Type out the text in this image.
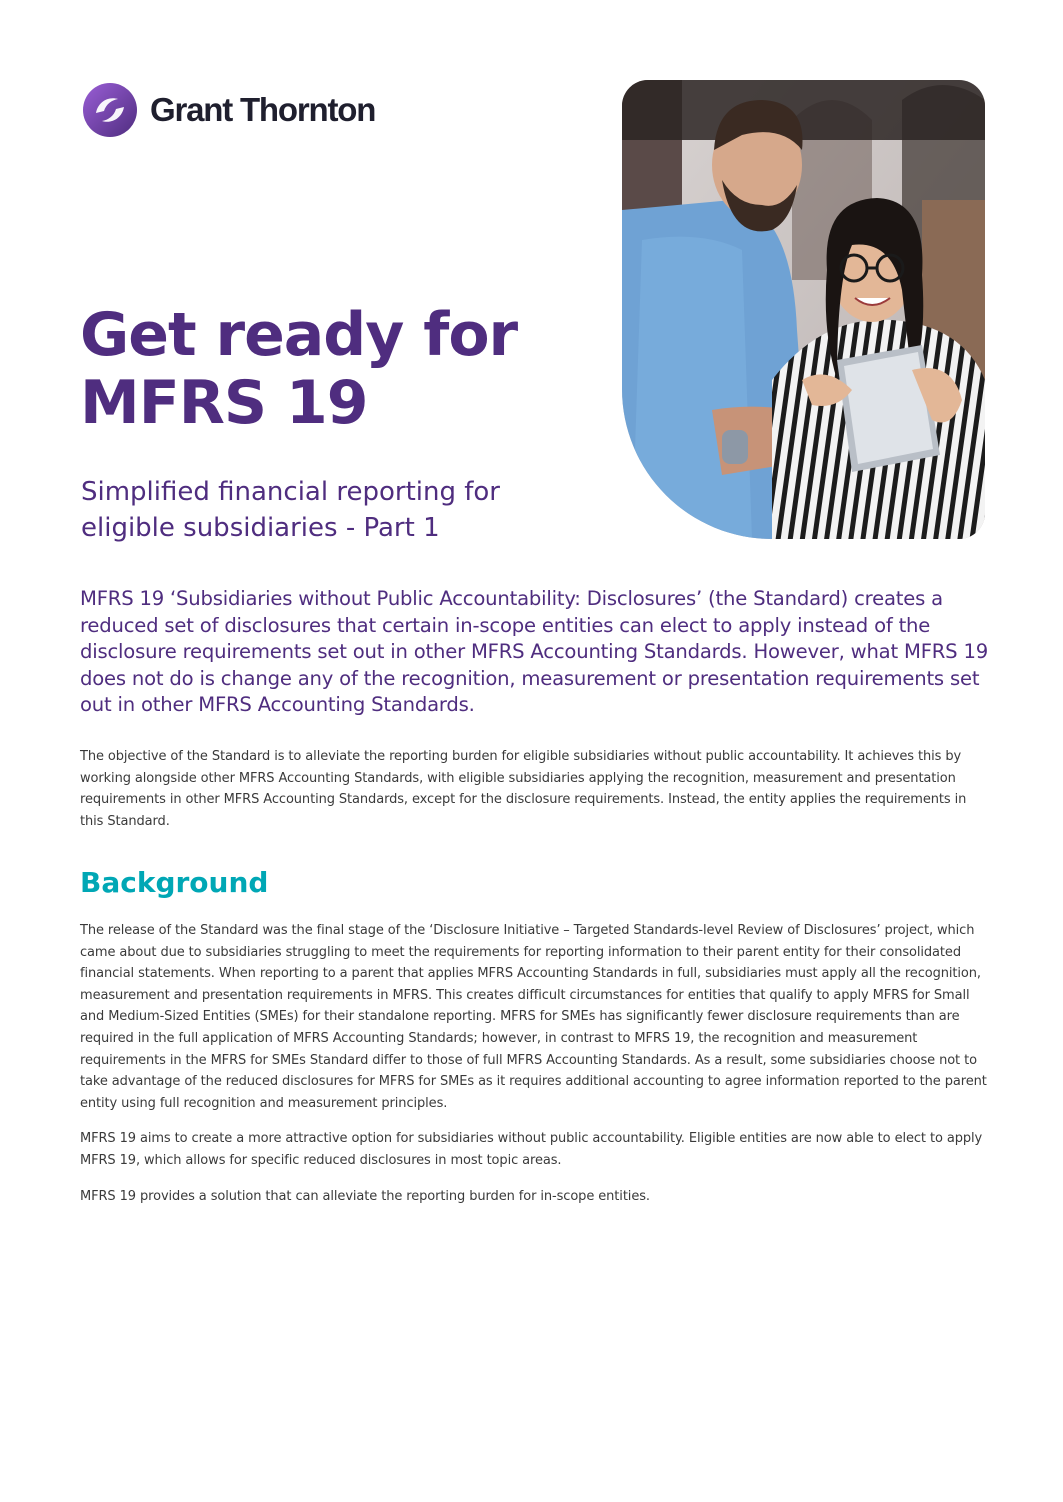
Grant Thornton
Get ready for MFRS 19
Simplified financial reporting for eligible subsidiaries - Part 1

MFRS 19 ‘Subsidiaries without Public Accountability: Disclosures’ (the Standard) creates a reduced set of disclosures that certain in-scope entities can elect to apply instead of the disclosure requirements set out in other MFRS Accounting Standards. However, what MFRS 19 does not do is change any of the recognition, measurement or presentation requirements set out in other MFRS Accounting Standards.

The objective of the Standard is to alleviate the reporting burden for eligible subsidiaries without public accountability. It achieves this by working alongside other MFRS Accounting Standards, with eligible subsidiaries applying the recognition, measurement and presentation requirements in other MFRS Accounting Standards, except for the disclosure requirements. Instead, the entity applies the requirements in this Standard.

Background

The release of the Standard was the final stage of the ‘Disclosure Initiative – Targeted Standards-level Review of Disclosures’ project, which came about due to subsidiaries struggling to meet the requirements for reporting information to their parent entity for their consolidated financial statements. When reporting to a parent that applies MFRS Accounting Standards in full, subsidiaries must apply all the recognition, measurement and presentation requirements in MFRS. This creates difficult circumstances for entities that qualify to apply MFRS for Small and Medium-Sized Entities (SMEs) for their standalone reporting. MFRS for SMEs has significantly fewer disclosure requirements than are required in the full application of MFRS Accounting Standards; however, in contrast to MFRS 19, the recognition and measurement requirements in the MFRS for SMEs Standard differ to those of full MFRS Accounting Standards. As a result, some subsidiaries choose not to take advantage of the reduced disclosures for MFRS for SMEs as it requires additional accounting to agree information reported to the parent entity using full recognition and measurement principles.

MFRS 19 aims to create a more attractive option for subsidiaries without public accountability. Eligible entities are now able to elect to apply MFRS 19, which allows for specific reduced disclosures in most topic areas.

MFRS 19 provides a solution that can alleviate the reporting burden for in-scope entities.
